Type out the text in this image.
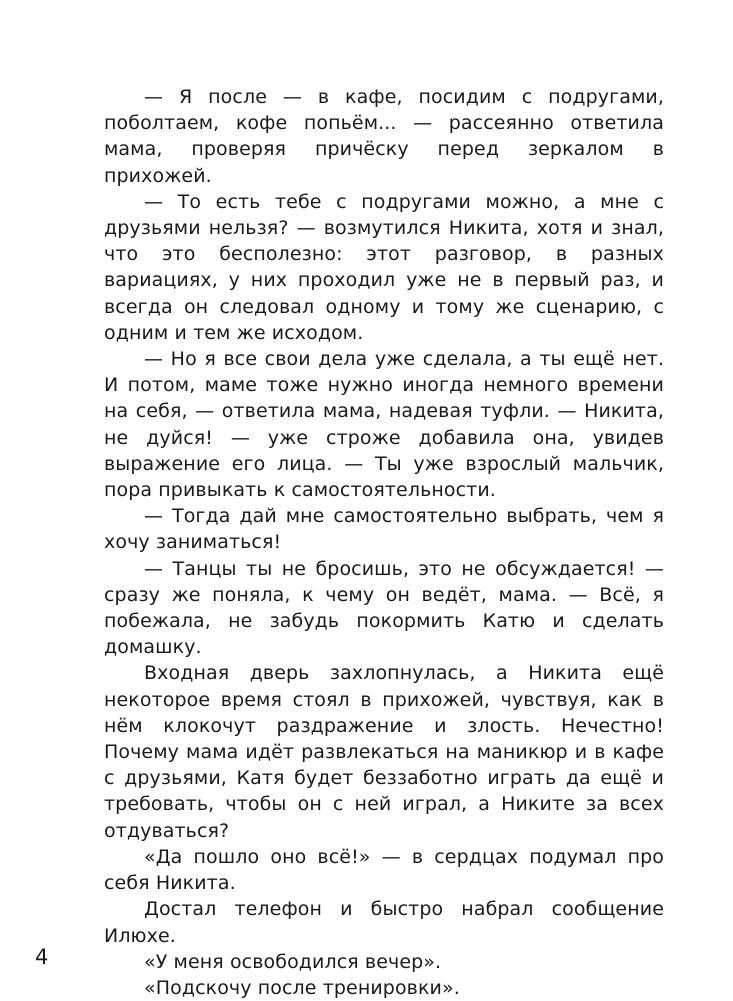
— Я после — в кафе, посидим с подругами, поболтаем, кофе попьём... — рассеянно ответила мама, проверяя причёску перед зеркалом в прихожей.

— То есть тебе с подругами можно, а мне с друзьями нельзя? — возмутился Никита, хотя и знал, что это бесполезно: этот разговор, в разных вариациях, у них проходил уже не в первый раз, и всегда он следовал одному и тому же сценарию, с одним и тем же исходом.

— Но я все свои дела уже сделала, а ты ещё нет. И потом, маме тоже нужно иногда немного времени на себя, — ответила мама, надевая туфли. — Никита, не дуйся! — уже строже добавила она, увидев выражение его лица. — Ты уже взрослый мальчик, пора привыкать к самостоятельности.

— Тогда дай мне самостоятельно выбрать, чем я хочу заниматься!

— Танцы ты не бросишь, это не обсуждается! — сразу же поняла, к чему он ведёт, мама. — Всё, я побежала, не забудь покормить Катю и сделать домашку.

Входная дверь захлопнулась, а Никита ещё некоторое время стоял в прихожей, чувствуя, как в нём клокочут раздражение и злость. Нечестно! Почему мама идёт развлекаться на маникюр и в кафе с друзьями, Катя будет беззаботно играть да ещё и требовать, чтобы он с ней играл, а Никите за всех отдуваться?

«Да пошло оно всё!» — в сердцах подумал про себя Никита.

Достал телефон и быстро набрал сообщение Илюхе.

«У меня освободился вечер».

«Подскочу после тренировки».

4
